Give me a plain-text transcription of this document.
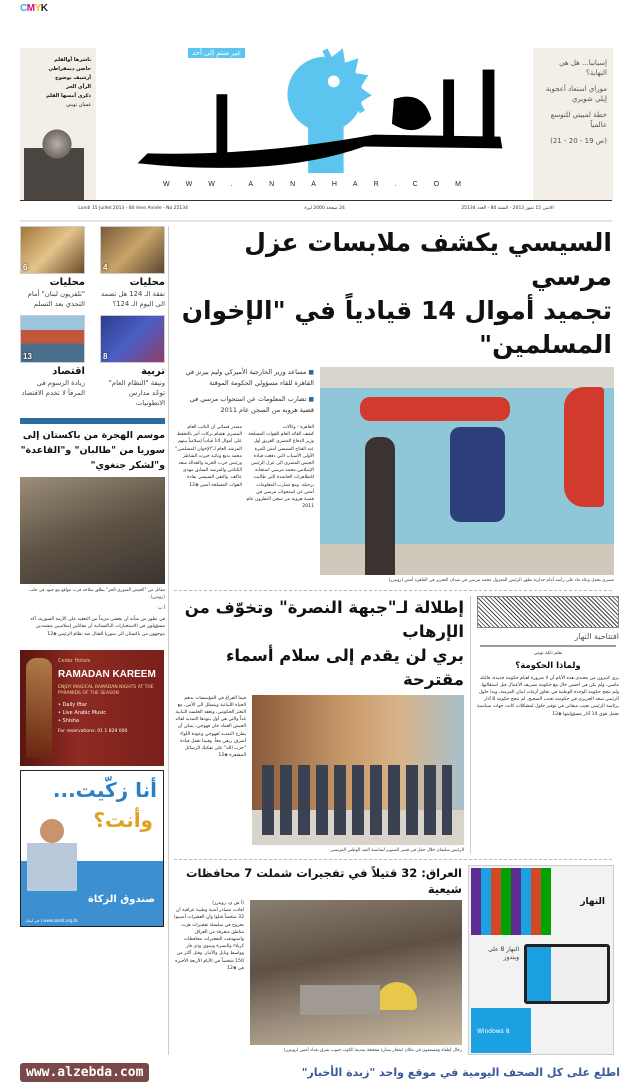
CMYK
ناشرها أوالقلم
حاضن ديمقراطي
أرشيف بوضوح
الرأي الحر
ذكرى أمسها القلم
غسان تويني
غير منتمٍ إلى أحد
WWW.ANNAHAR.COM

إسبانيا... هل هي النهاية؟

موراي استعاد أعجوبة إيلي شويري

خطة لمبيتي للتوسع عالمياً

(ص 19 - 20 - 21)

Lundi 15 Juillet 2013 - 80 ème Année - No 25134	24 صفحة 2000 ليرة	الاثنين 15 تموز 2013 - السنة 80 - العدد 25134
6
محليات
"تلفزيون لبنان" أمام التحدي بعد التسلم
4
محليات
نفقة الـ 124 هل تصمد الى اليوم الـ 124؟
13
اقتصاد
زيادة الرسوم في المرفأ لا تخدم الاقتصاد
8
تربية
ونيقة "النظام العام" توحّد مدارس الانطونيات
موسم الهجرة من باكستان إلى سوريا من "طالبان" و"القاعدة" و"لشكر جنغوي"
مقاتل من "الجيش السوري الحر" يطلق سلاحه قرب مواقع مع جنود في حلب (رويترز)
أ ب
في تطور من شأنه أن يخشى مزيداً من التعقيد على الأزمة السورية، أكد مسؤولون في الاستخبارات الباكستانية أن مقاتلين إسلاميين متشددين يتوجهون من باكستان الى سوريا للقتال ضد نظام الرئيس ◆12
Cedar Hotels
RAMADAN KAREEM
ENJOY MAGICAL RAMADAN NIGHTS AT THE PYRAMIDS OF THE SEASON
• Daily Iftar
• Live Arabic Music
• Shisha
For reservations: 01 1 829 000
أنا زكّيت...
وأنت؟
صندوق الزكاة
في لبنان | www.zakat.org.lb
السيسي يكشف ملابسات عزل مرسي
تجميد أموال 14 قيادياً في "الإخوان المسلمين"
■ مساعد وزير الخارجية الأميركي وليم بيرنز في القاهرة للقاء مسؤولي الحكومة الموقتة
■ تضارب المعلومات عن استجواب مرسي في قضية هروبه من السجن عام 2011
مصدر قضائي أن النائب العام المصري هشام بركات أمر بالتحفظ على أموال 14 قيادياً إسلامياً بينهم المرشد العام لـ"الإخوان المسلمين" محمد بديع ونائبه خيرت الشاطر ورئيس حزب الحرية والعدالة سعد الكتاتني والمرشد السابق مهدي عاكف. والتقى السيسي بقادة القوات المسلحة أمس ◆12
القاهرة - وكالات
كشف القائد العام للقوات المسلحة وزير الدفاع المصري الفريق أول عبد الفتاح السيسي أمس للمرة الأولى الأسباب التي دفعت قيادة الجيش المصري الى عزل الرئيس الإسلامي محمد مرسي استجابة للتظاهرات الحاشدة التي طالبت برحيله. ومع تضارب المعلومات أمس عن استجواب مرسي في قضية هروبه من سجن النطرون عام 2011
مصري يحمل وعاء ماء على رأسه أمام جدارية تظهر الرئيس المعزول محمد مرسي في ميدان التحرير في القاهرة أمس (رويترز)
إطلالة لـ"جبهة النصرة" وتخوّف من الإرهاب
بري لن يقدم إلى سلام أسماء مقترحة
فيما الفراغ في المؤسسات يدهم الحياة اللبنانية ويتسلل الى الأمن، مع التعثر الحكومي، وتعقد الجلسة النيابية غداً والتي هي أول بنودها التمديد لقائد الجيش العماد جان قهوجي، يمكن أن يطرح التمديد لقهوجي وعودة اللواء أشرف ريفي معاً. وفيما تعمل قيادة "حزب الله" على تفكيك الرسائل المشفرة ◆12
الرئيس سليمان خلال حفل في قصر الصنوبر لمناسبة العيد الوطني الفرنسي
افتتاحية النهار
بقلم نايلة تويني
ولماذا الحكومة؟
يرى كثيرون من محبذي هذه الأيام أن لا ضرورة لقيام حكومة جديدة، فالبلد ماشي، ولم يكن في أحسن حال مع حكومة تصريف الأعمال قبل استقالتها. ولم تنجح حكومة الوحدة الوطنية في تجاوز أزمات لبنان المزمنة، وبدا حلول الرئيس سعد الحريري في حكومته تجنب الضجيج. لم تنجح حكومة 8 آذار برئاسة الرئيس نجيب ميقاتي في توفير حلول لمشكلات كانت جهات سياسية تحمل قوى 14 آذار مسؤوليتها ◆12
العراق: 32 قتيلاً في تفجيرات شملت 7 محافظات شيعية
(أ ش ي، رويترز)
أفادت مصادر أمنية وطبية عراقية أن 32 شخصاً قتلوا وأن العشرات أصيبوا بجروح في سلسلة تفجيرات هزت مناطق متفرقة من العراق. واستهدفت التفجيرات محافظات كربلاء والبصرة ونينوى وذي قار وواسط وبابل والأنبار. وقتل أكثر من 150 شخصاً في الأيام الأربعة الأخيرة في ◆12
رجال إطفاء ومسعفون في مكان انفجار سيارة مفخخة بمدينة الكوت جنوب شرق بغداد أمس (رويترز)
النهار
النهار 8 على ويندوز
Windows 8
www.alzebda.com	اطلع على كل الصحف اليومية في موقع واحد "زبدة الأخبار"
